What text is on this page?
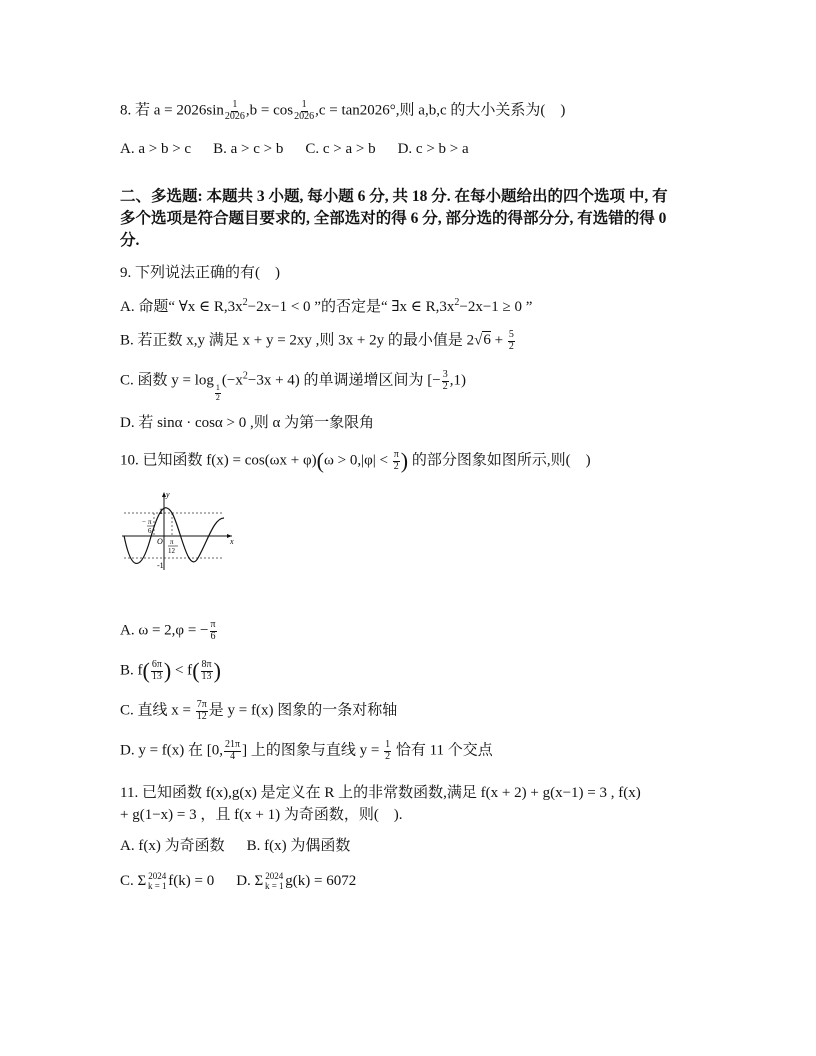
8. 若 $a = 2026\sin \frac{1}{2026} ,b = \cos \frac{1}{2026} ,c = \tan 2026^\circ$,则 a,b,c 的大小关系为(　)
A. a > b > c B. a > c > b C. c > a > b D. c > b > a
二、多选题: 本题共 3 小题, 每小题 6 分, 共 18 分. 在每小题给出的四个选项 中, 有
多个选项是符合题目要求的, 全部选对的得 6 分, 部分选的得部分分, 有选错的得 0
分.
9. 下列说法正确的有(　)
A. 命题“ ∀x ∈ $R,3x^2-2x-1 < 0$ ”的否定是“ ∃x ∈ $R,3x^2-2x-1 \ge 0$ ”
B. 若正数 x,y 满足 x + y = 2xy ,则 3x + 2y 的最小值是 $2√6 + \frac{5}{2}$
C. 函数 y = log
$\frac{1}{2}$
$(-x^2-3x + 4)$ 的单调递增区间为 [− $\frac{3}{2} ,1$)
D. 若 sinα · cosα > 0 ,则 α 为第一象限角
10. 已知函数 $f(x) = \cos(\omega x + \varphi)(\omega > 0,|\varphi| < \frac{\pi}{2}$ ) 的部分图象如图所示,则(　)
y
x
O
1
-1
− π
6
π
12
A. ω = 2,φ = − $\frac{\pi}{6}$
B. $f( \frac{6\pi}{13}$ ) < $f( \frac{8\pi}{13}$ )
C. 直线 $x = \frac{7\pi}{12}$ 是 y = f(x) 图象的一条对称轴
D. y = f(x) 在 [0, $\frac{21\pi}{4}$ ] 上的图象与直线 $y = \frac{1}{2}$ 恰有 11 个交点
11. 已知函数 f(x),g(x) 是定义在 R 上的非常数函数,满足 f(x + 2) + g(x−1) = 3 , f(x)
+ g(1−x) = 3 ，且 f(x + 1) 为奇函数，则(　).
A. f(x) 为奇函数 B. f(x) 为偶函数
C. Σ 2024
k = 1 f(k) = 0 D. Σ 2024
k = 1 g(k) = 6072
